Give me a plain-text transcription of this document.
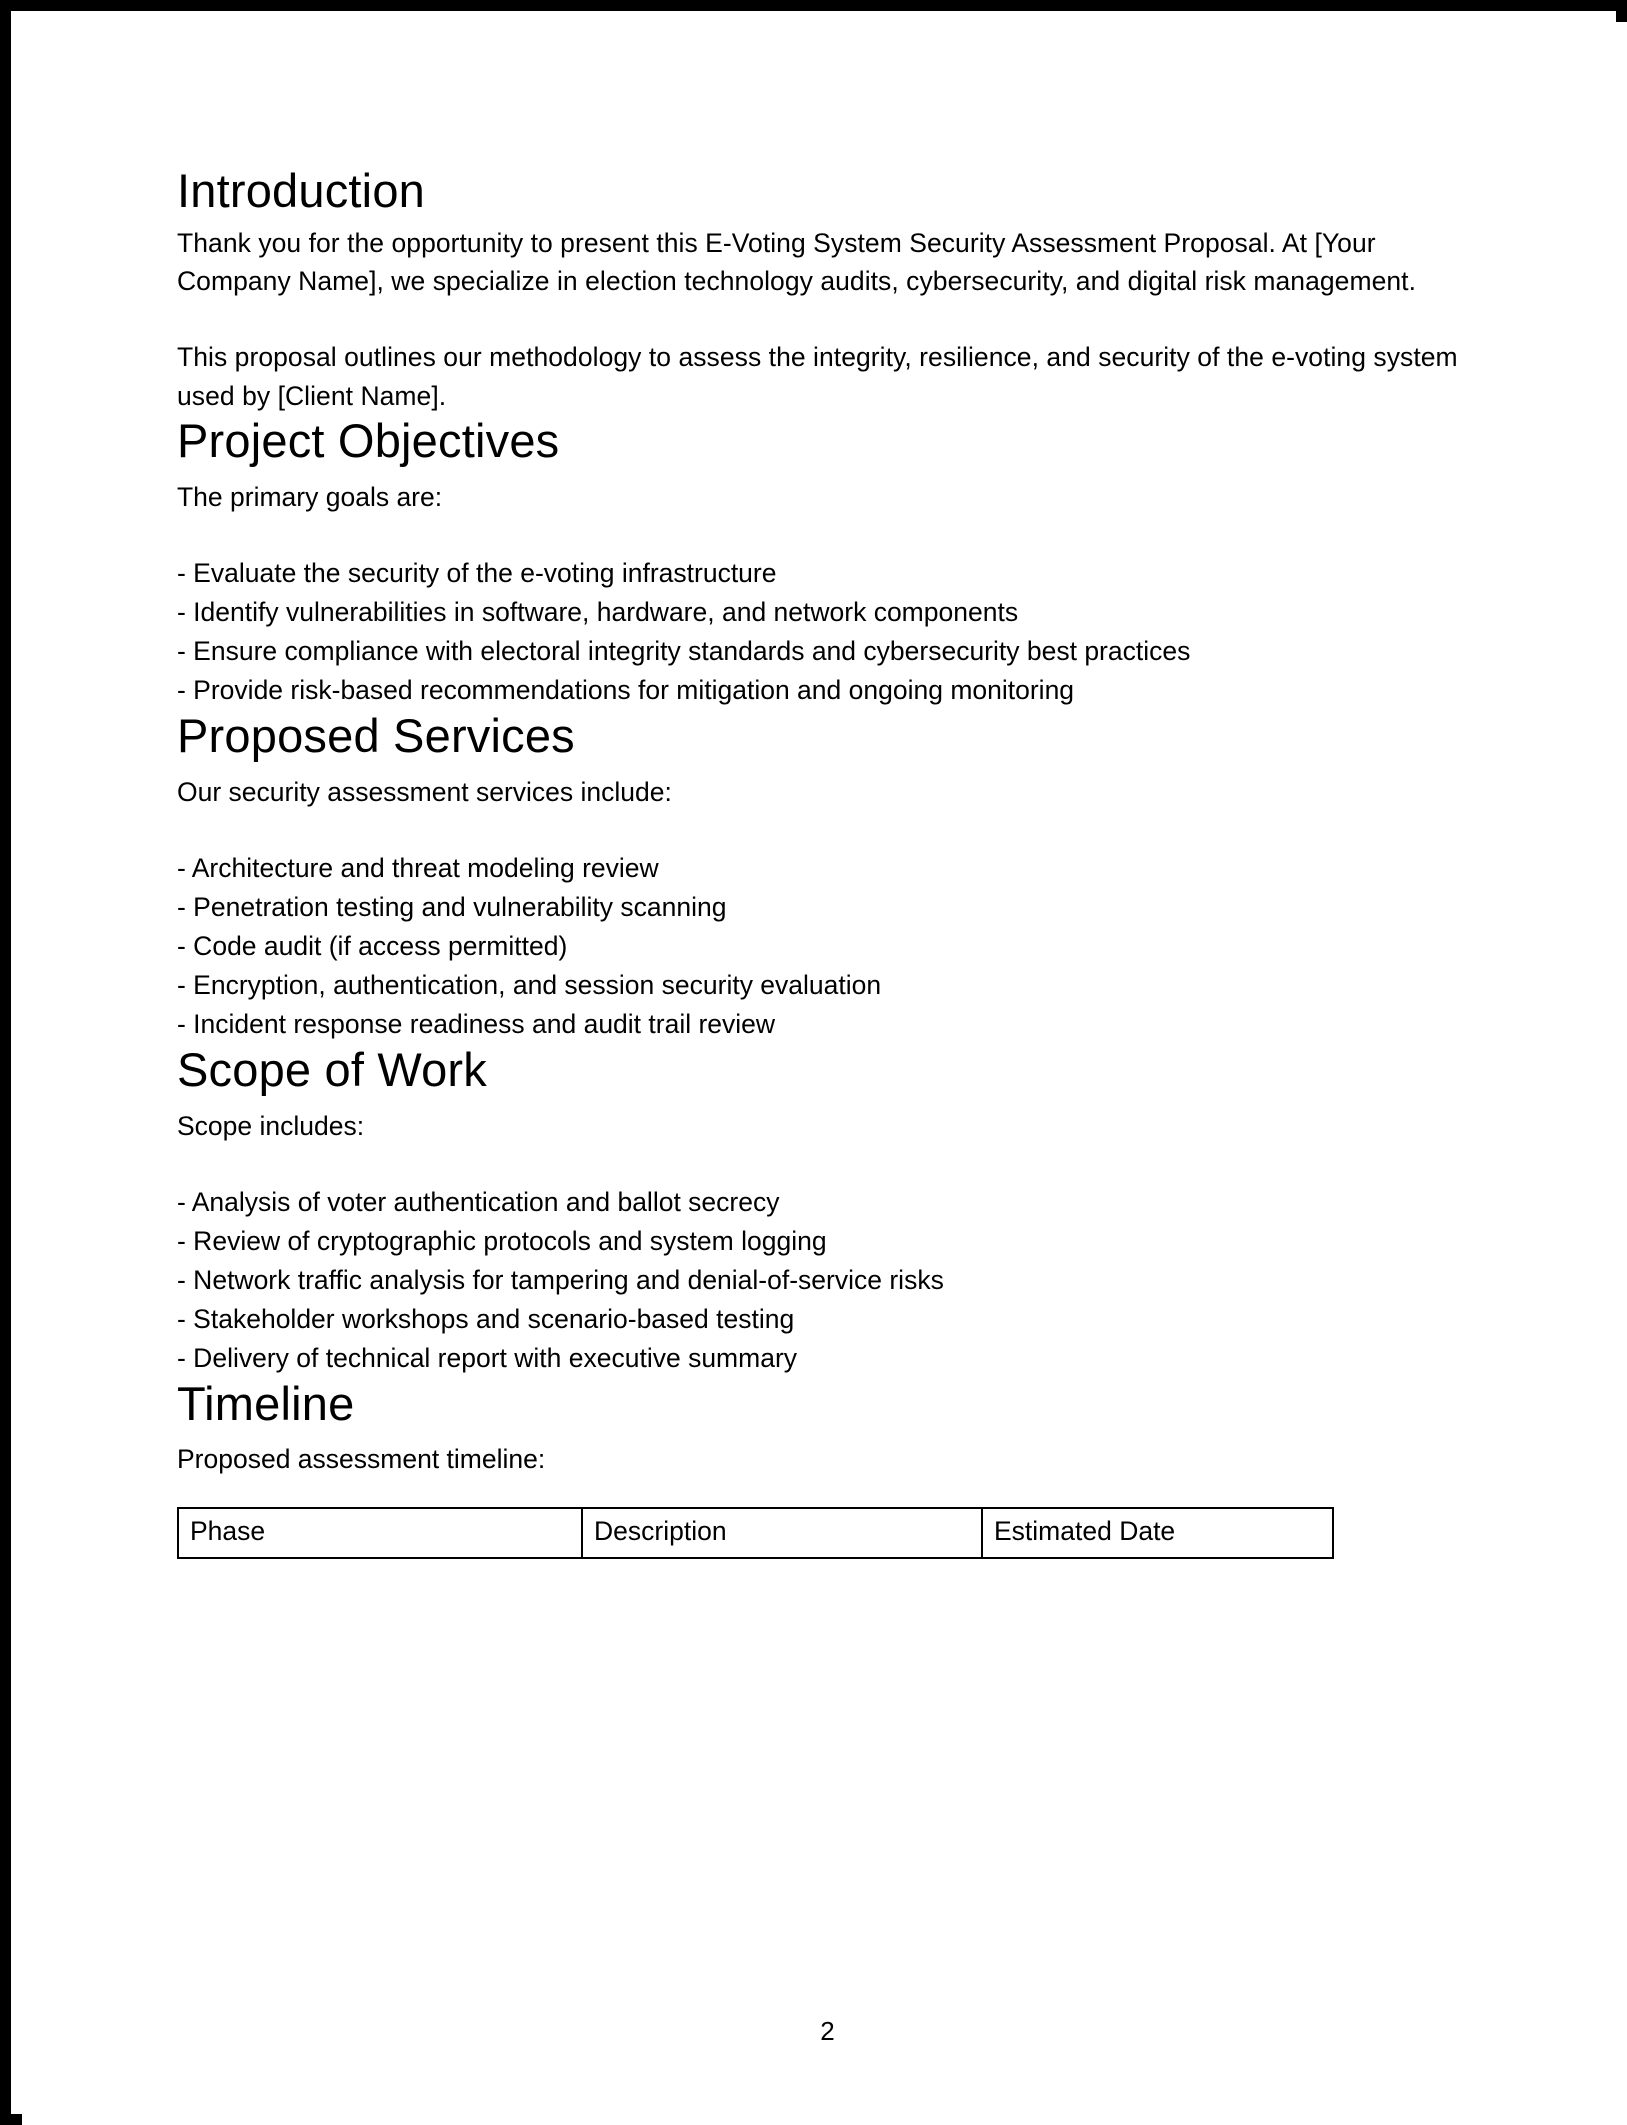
Introduction

Thank you for the opportunity to present this E-Voting System Security Assessment Proposal. At [Your Company Name], we specialize in election technology audits, cybersecurity, and digital risk management.

This proposal outlines our methodology to assess the integrity, resilience, and security of the e-voting system used by [Client Name].

Project Objectives

The primary goals are:

- Evaluate the security of the e-voting infrastructure
- Identify vulnerabilities in software, hardware, and network components
- Ensure compliance with electoral integrity standards and cybersecurity best practices
- Provide risk-based recommendations for mitigation and ongoing monitoring
Proposed Services

Our security assessment services include:

- Architecture and threat modeling review
- Penetration testing and vulnerability scanning
- Code audit (if access permitted)
- Encryption, authentication, and session security evaluation
- Incident response readiness and audit trail review
Scope of Work

Scope includes:

- Analysis of voter authentication and ballot secrecy
- Review of cryptographic protocols and system logging
- Network traffic analysis for tampering and denial-of-service risks
- Stakeholder workshops and scenario-based testing
- Delivery of technical report with executive summary
Timeline

Proposed assessment timeline:

Phase	Description	Estimated Date
2
